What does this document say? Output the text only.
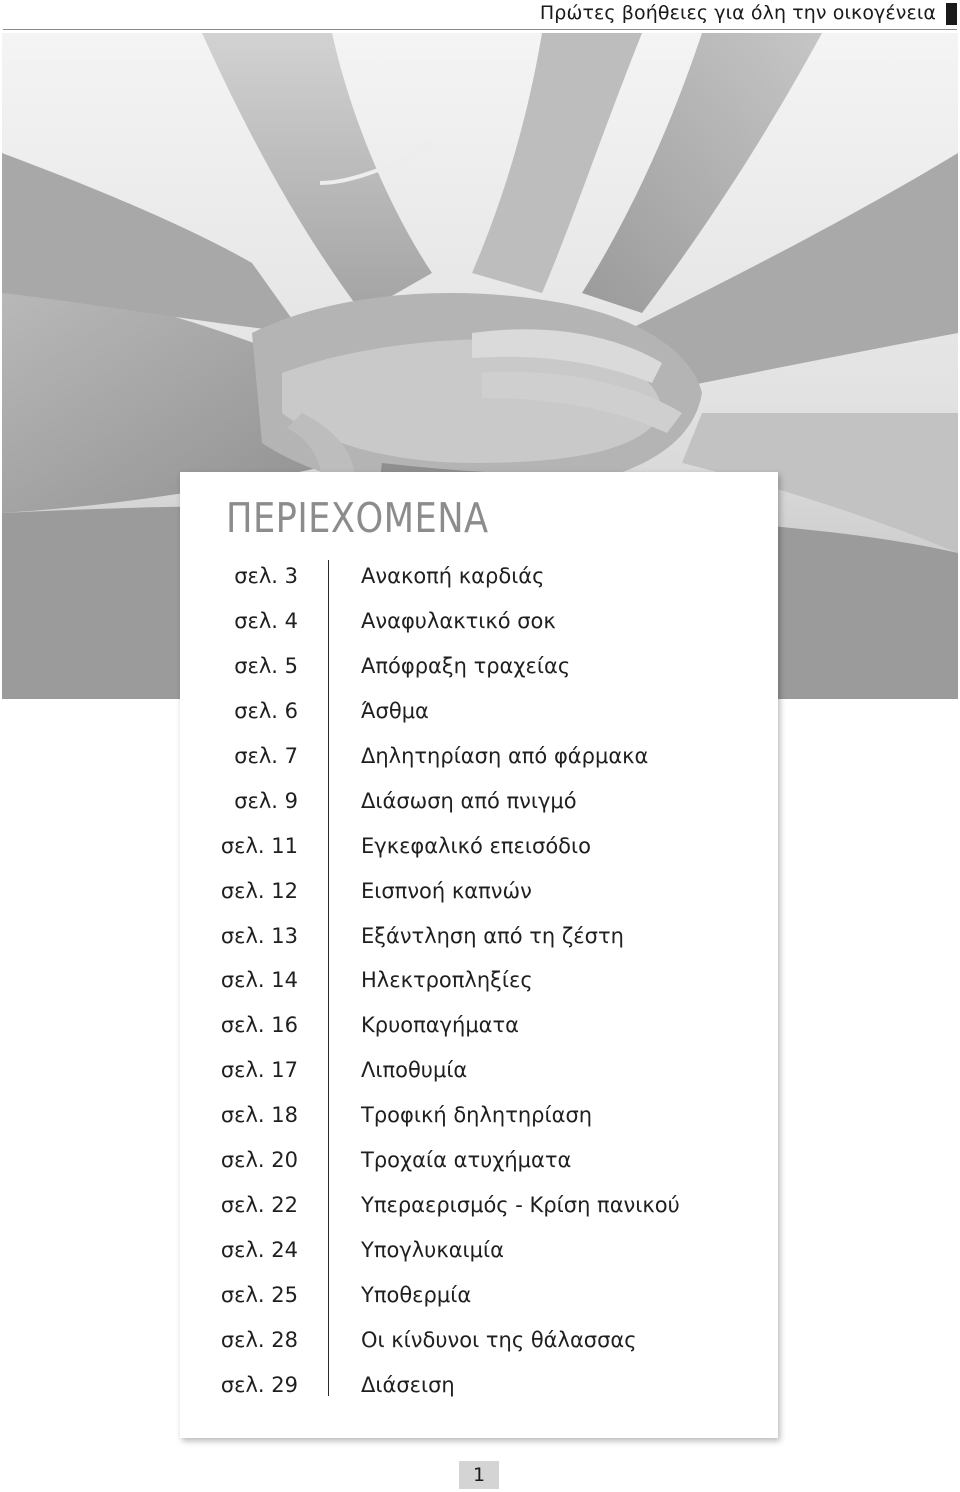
Πρώτες βοήθειες για όλη την οικογένεια
ΠΕΡΙΕΧΟΜΕΝΑ
σελ. 3	Ανακοπή καρδιάς
σελ. 4	Αναφυλακτικό σοκ
σελ. 5	Απόφραξη τραχείας
σελ. 6	Άσθμα
σελ. 7	Δηλητηρίαση από φάρμακα
σελ. 9	Διάσωση από πνιγμό
σελ. 11	Εγκεφαλικό επεισόδιο
σελ. 12	Εισπνοή καπνών
σελ. 13	Εξάντληση από τη ζέστη
σελ. 14	Ηλεκτροπληξίες
σελ. 16	Κρυοπαγήματα
σελ. 17	Λιποθυμία
σελ. 18	Τροφική δηλητηρίαση
σελ. 20	Τροχαία ατυχήματα
σελ. 22	Υπεραερισμός - Κρίση πανικού
σελ. 24	Υπογλυκαιμία
σελ. 25	Υποθερμία
σελ. 28	Οι κίνδυνοι της θάλασσας
σελ. 29	Διάσειση
1
